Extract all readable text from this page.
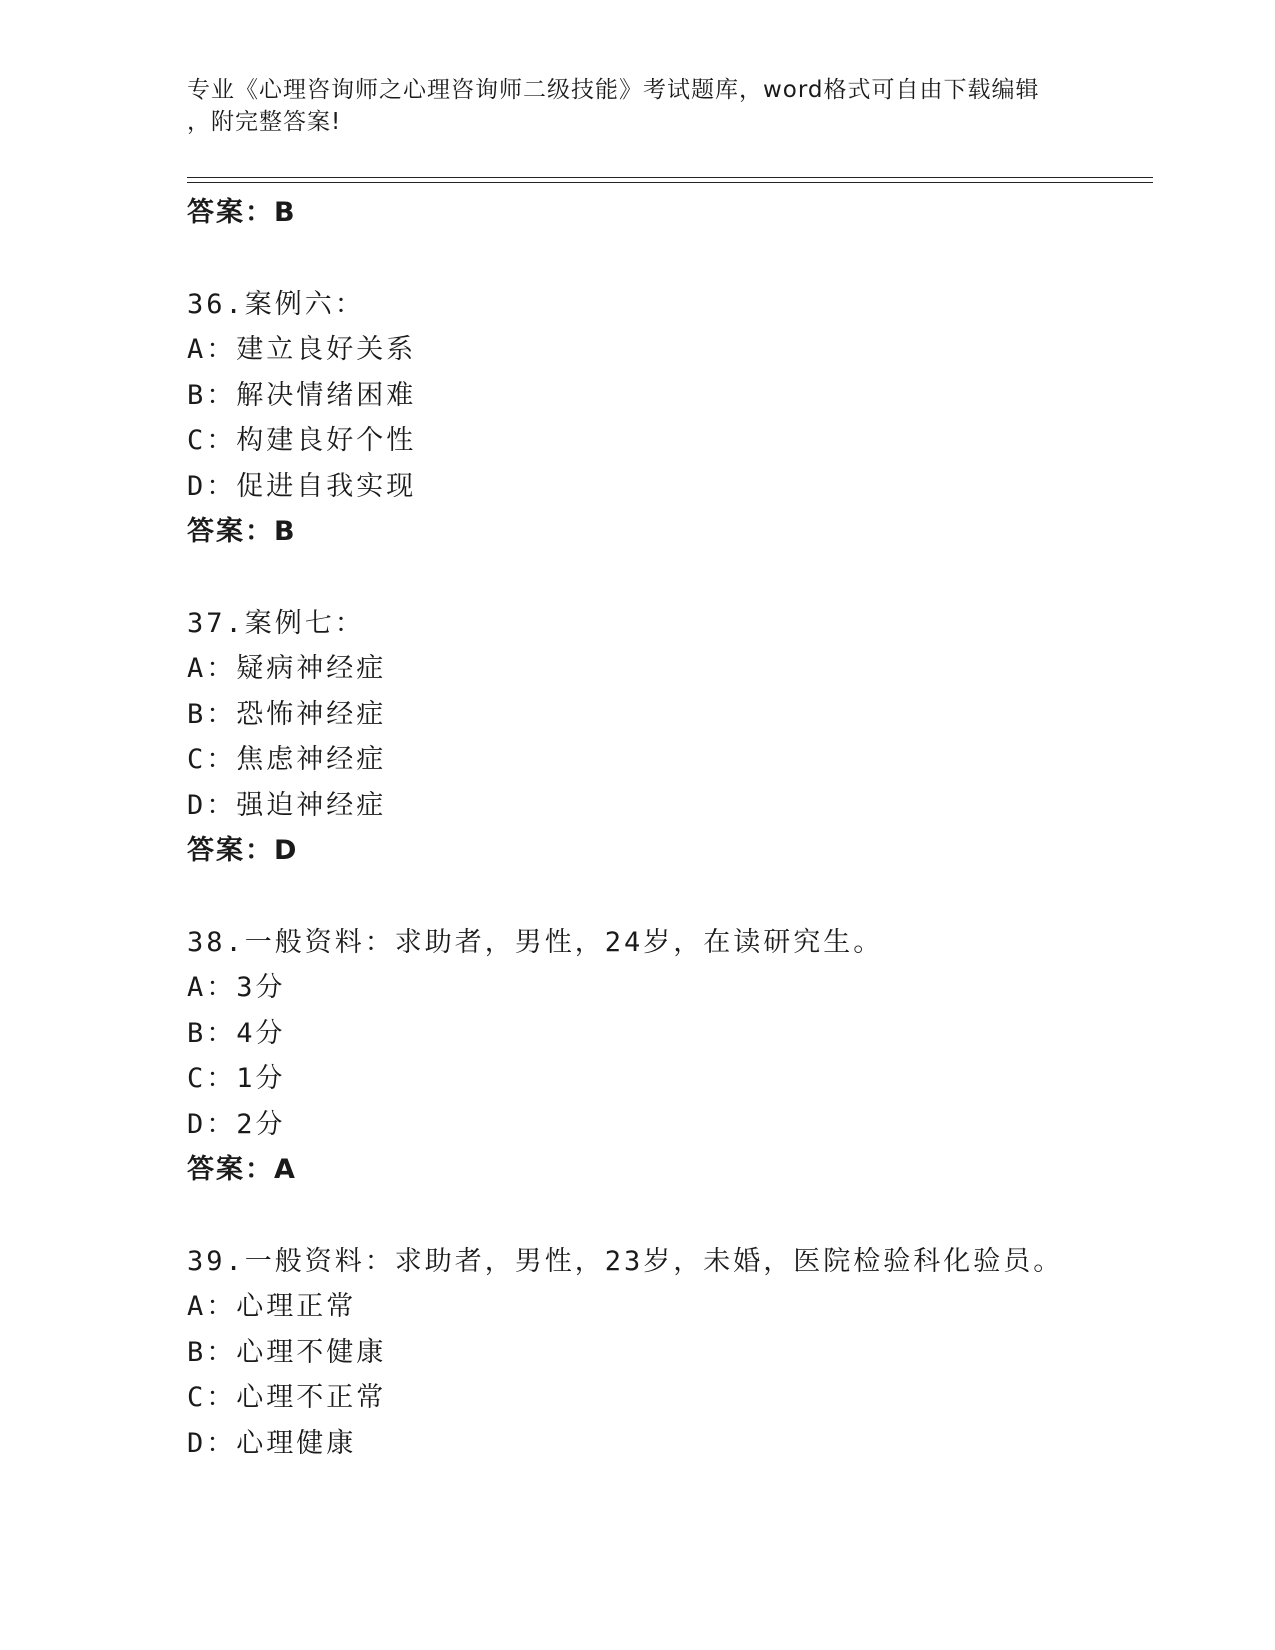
专业《心理咨询师之心理咨询师二级技能》考试题库，word格式可自由下载编辑
，附完整答案!
答案：B
36.案例六：
A：建立良好关系
B：解决情绪困难
C：构建良好个性
D：促进自我实现
答案：B
37.案例七：
A：疑病神经症
B：恐怖神经症
C：焦虑神经症
D：强迫神经症
答案：D
38.一般资料：求助者，男性，24岁，在读研究生。
A：3分
B：4分
C：1分
D：2分
答案：A
39.一般资料：求助者，男性，23岁，未婚，医院检验科化验员。
A：心理正常
B：心理不健康
C：心理不正常
D：心理健康
